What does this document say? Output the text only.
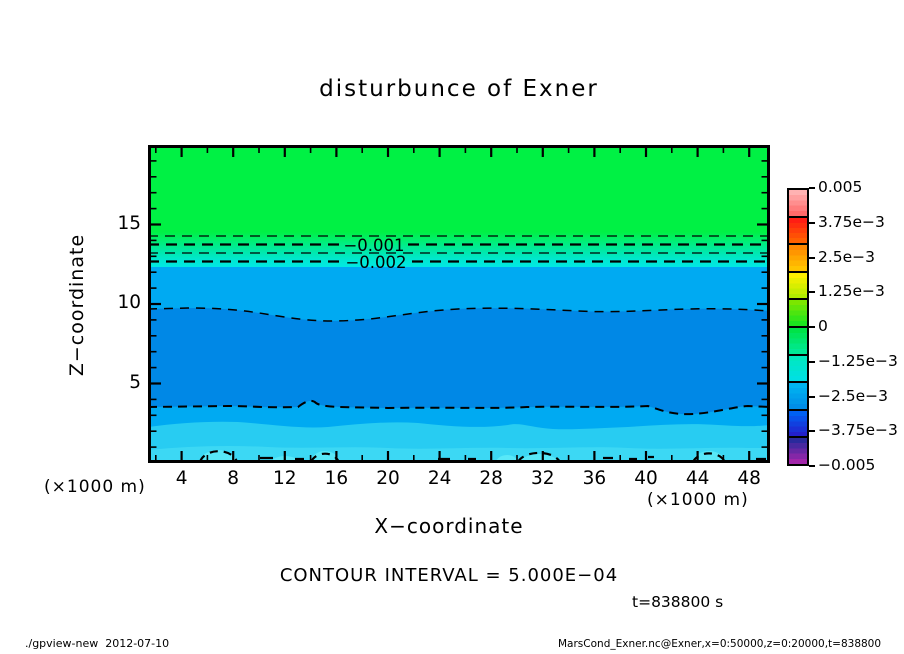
disturbunce of Exner
Z−coordinate
(×1000 m)
−0.001
−0.002
4	8	12	16	20	24	28	32	36	40	44	48
5
10
15
(×1000 m)
X−coordinate
CONTOUR INTERVAL = 5.000E−04
t=838800 s
./gpview-new  2012-07-10	MarsCond_Exner.nc@Exner,x=0:50000,z=0:20000,t=838800
0.005
3.75e−3
2.5e−3
1.25e−3
0
−1.25e−3
−2.5e−3
−3.75e−3
−0.005
